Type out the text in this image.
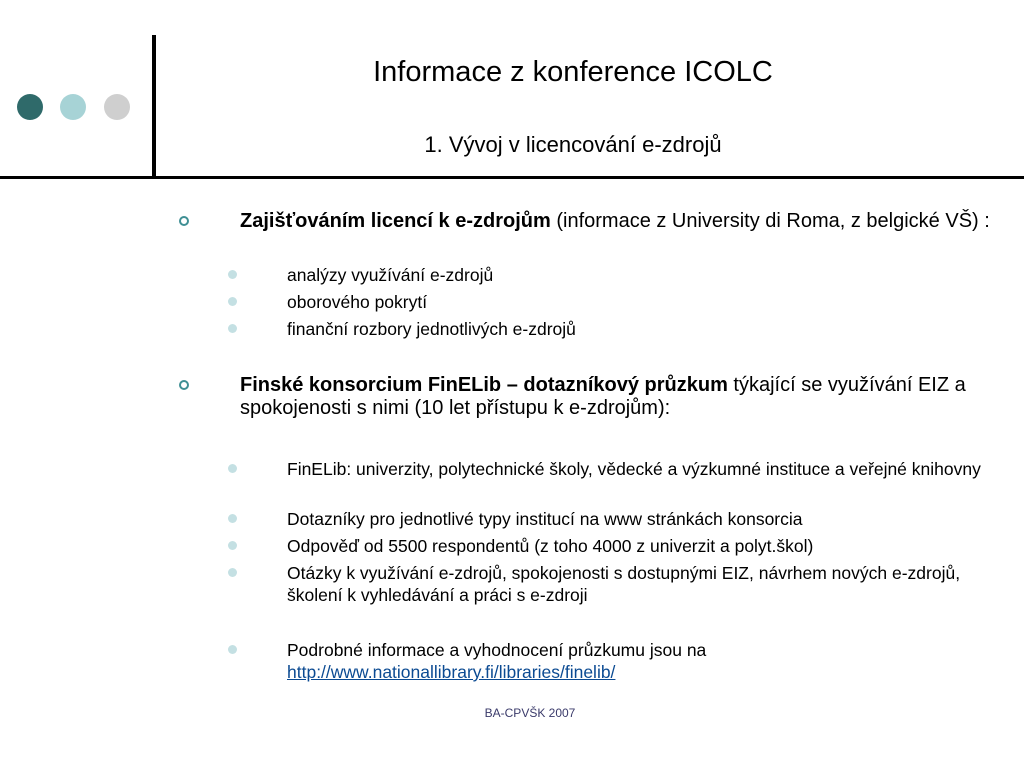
Informace z konference ICOLC
1. Vývoj v licencování e-zdrojů
Zajišťováním licencí k e-zdrojům (informace z University di Roma, z belgické VŠ) :
analýzy využívání e-zdrojů
oborového pokrytí
finanční rozbory jednotlivých e-zdrojů
Finské konsorcium FinELib – dotazníkový průzkum týkající se využívání EIZ a spokojenosti s nimi (10 let přístupu k e-zdrojům):
FinELib: univerzity, polytechnické školy, vědecké a výzkumné instituce a veřejné knihovny
Dotazníky pro jednotlivé typy institucí na www stránkách konsorcia
Odpověď od 5500 respondentů (z toho 4000 z univerzit a polyt.škol)
Otázky k využívání e-zdrojů, spokojenosti s dostupnými EIZ, návrhem nových e-zdrojů, školení k vyhledávání a práci s e-zdroji
Podrobné informace a vyhodnocení průzkumu jsou na
http://www.nationallibrary.fi/libraries/finelib/
BA-CPVŠK 2007
